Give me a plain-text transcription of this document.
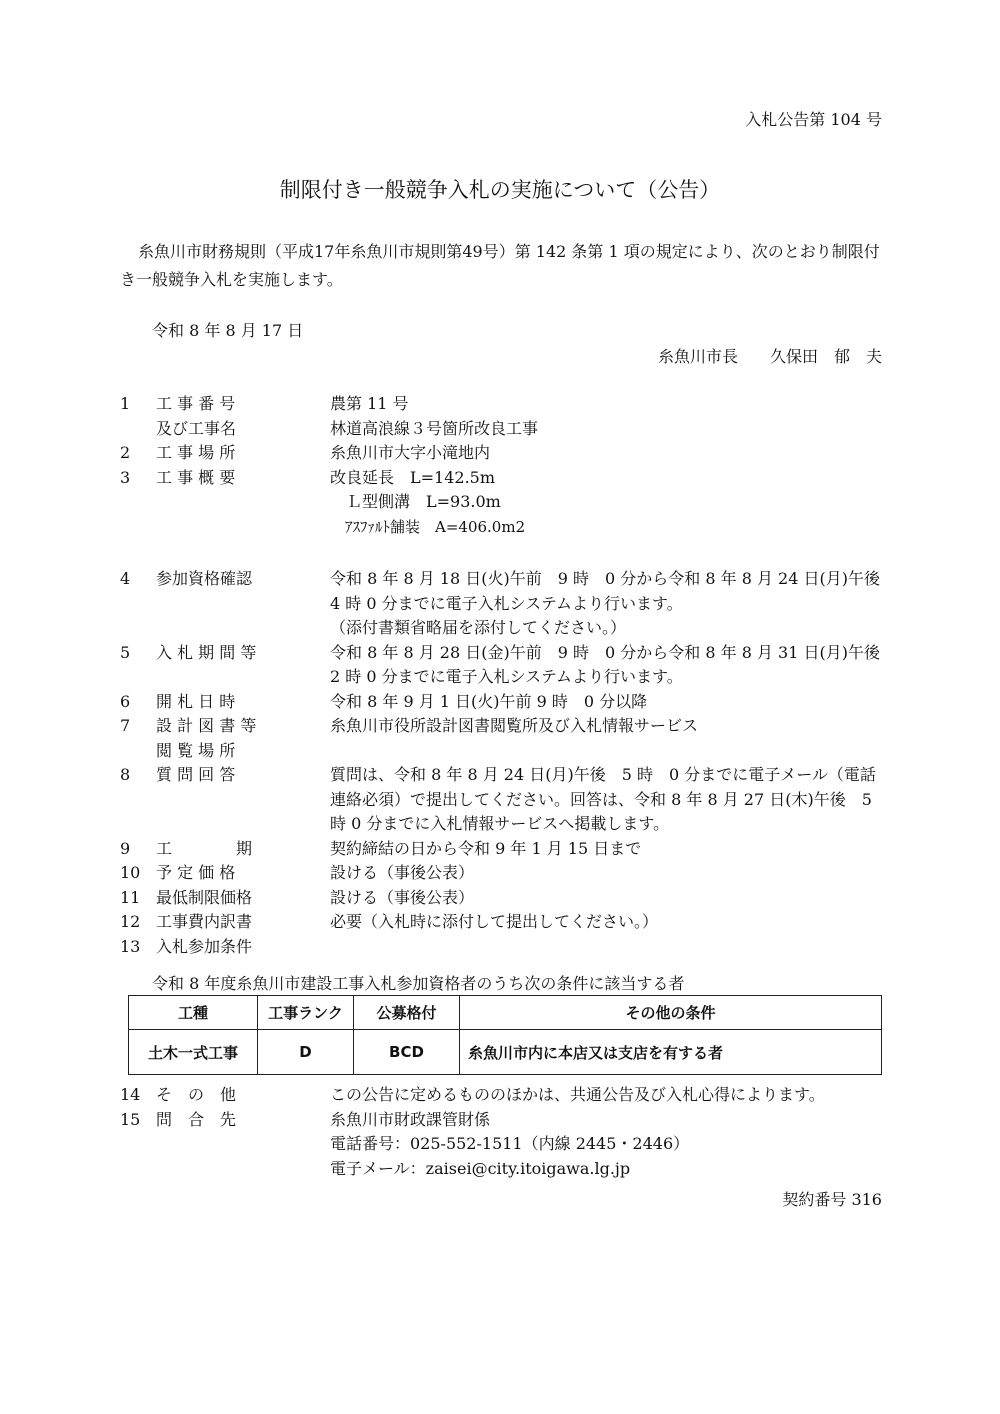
入札公告第 104 号
制限付き一般競争入札の実施について（公告）
糸魚川市財務規則（平成17年糸魚川市規則第49号）第 142 条第 1 項の規定により、次のとおり制限付き一般競争入札を実施します。
令和 8 年 8 月 17 日
糸魚川市長　　久保田　郁　夫
1	工 事 番 号	農第 11 号
及び工事名	林道高浪線３号箇所改良工事
2	工 事 場 所	糸魚川市大字小滝地内
3	工 事 概 要	改良延長　L=142.5m
　Ｌ型側溝　L=93.0m
　ｱｽﾌｧﾙﾄ舗装　A=406.0m2
4	参加資格確認	令和 8 年 8 月 18 日(火)午前　9 時　0 分から令和 8 年 8 月 24 日(月)午後　4 時 0 分までに電子入札システムより行います。
（添付書類省略届を添付してください。）
5	入 札 期 間 等	令和 8 年 8 月 28 日(金)午前　9 時　0 分から令和 8 年 8 月 31 日(月)午後　2 時 0 分までに電子入札システムより行います。
6	開 札 日 時	令和 8 年 9 月 1 日(火)午前 9 時　0 分以降
7	設 計 図 書 等	糸魚川市役所設計図書閲覧所及び入札情報サービス
閲 覧 場 所
8	質 問 回 答	質問は、令和 8 年 8 月 24 日(月)午後　5 時　0 分までに電子メール（電話連絡必須）で提出してください。回答は、令和 8 年 8 月 27 日(木)午後　5 時 0 分までに入札情報サービスへ掲載します。
9	工　　　　期	契約締結の日から令和 9 年 1 月 15 日まで
10 予 定 価 格	設ける（事後公表）
11 最低制限価格	設ける（事後公表）
12 工事費内訳書	必要（入札時に添付して提出してください。）
13 入札参加条件
令和 8 年度糸魚川市建設工事入札参加資格者のうち次の条件に該当する者
工種	工事ランク	公募格付	その他の条件
土木一式工事	D	BCD	糸魚川市内に本店又は支店を有する者
14 そ　の　他	この公告に定めるもののほかは、共通公告及び入札心得によります。
15 問　合　先	糸魚川市財政課管財係
電話番号：025-552-1511（内線 2445・2446）
電子メール：zaisei@city.itoigawa.lg.jp
契約番号 316
